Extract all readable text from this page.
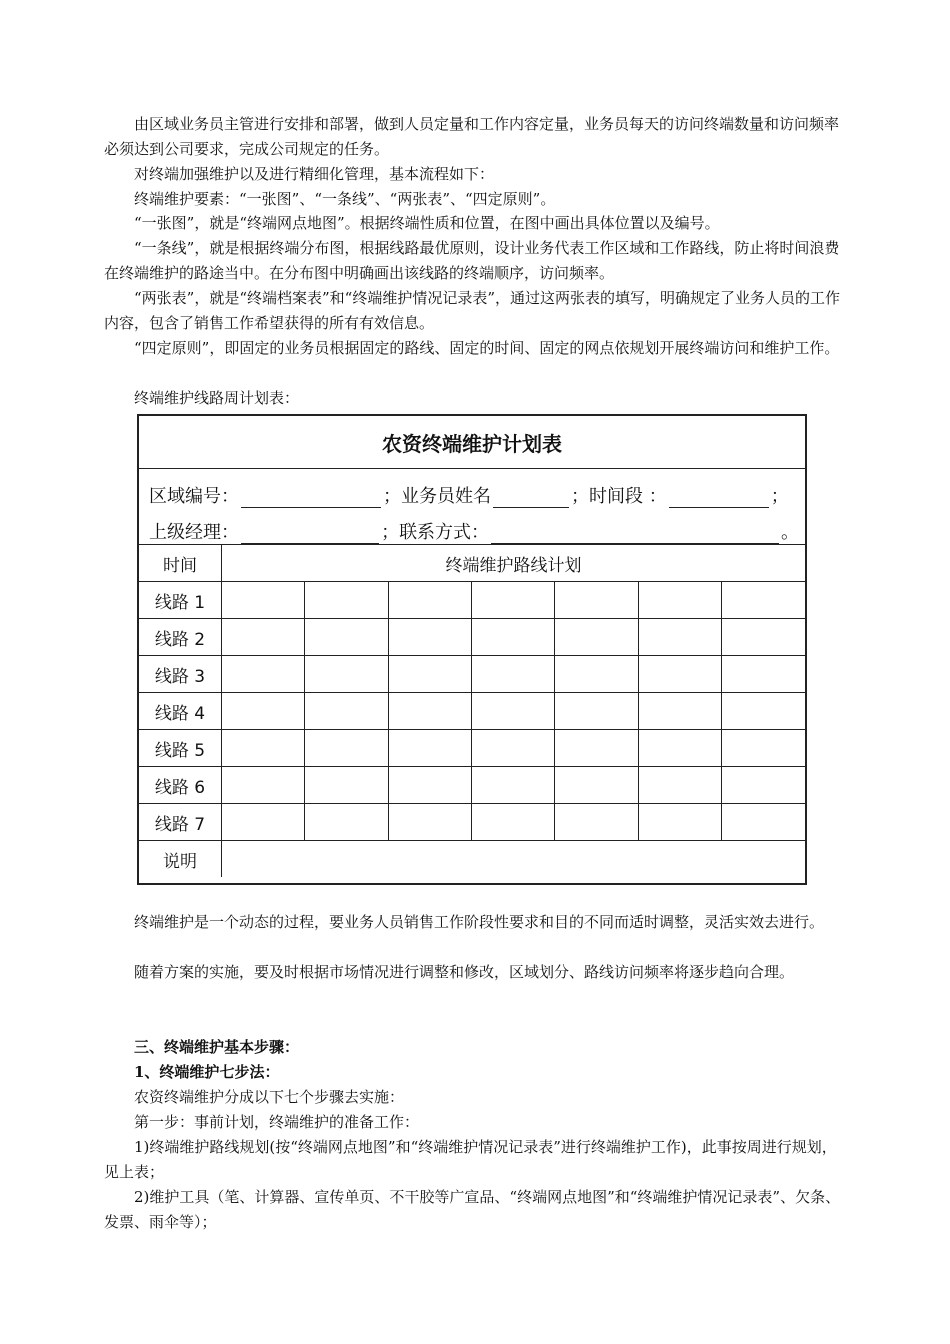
由区域业务员主管进行安排和部署，做到人员定量和工作内容定量，业务员每天的访问终端数量和访问频率必须达到公司要求，完成公司规定的任务。

对终端加强维护以及进行精细化管理，基本流程如下：

终端维护要素：“一张图”、“一条线”、“两张表”、“四定原则”。

“一张图”，就是“终端网点地图”。根据终端性质和位置，在图中画出具体位置以及编号。

“一条线”，就是根据终端分布图，根据线路最优原则，设计业务代表工作区域和工作路线，防止将时间浪费在终端维护的路途当中。在分布图中明确画出该线路的终端顺序，访问频率。

“两张表”，就是“终端档案表”和“终端维护情况记录表”，通过这两张表的填写，明确规定了业务人员的工作内容，包含了销售工作希望获得的所有有效信息。

“四定原则”，即固定的业务员根据固定的路线、固定的时间、固定的网点依规划开展终端访问和维护工作。

终端维护线路周计划表：

农资终端维护计划表
区域编号：	； 业务员姓名	； 时间段 ：	；
上级经理：	； 联系方式：	。
时间	终端维护路线计划						
线路 1							
线路 2							
线路 3							
线路 4							
线路 5							
线路 6							
线路 7							
说明							

终端维护是一个动态的过程，要业务人员销售工作阶段性要求和目的不同而适时调整，灵活实效去进行。

随着方案的实施，要及时根据市场情况进行调整和修改，区域划分、路线访问频率将逐步趋向合理。

三、终端维护基本步骤：

1、终端维护七步法：

农资终端维护分成以下七个步骤去实施：

第一步：事前计划，终端维护的准备工作：

1)终端维护路线规划(按“终端网点地图”和“终端维护情况记录表”进行终端维护工作)，此事按周进行规划，见上表；

2)维护工具（笔、计算器、宣传单页、不干胶等广宣品、“终端网点地图”和“终端维护情况记录表”、欠条、发票、雨伞等）；
